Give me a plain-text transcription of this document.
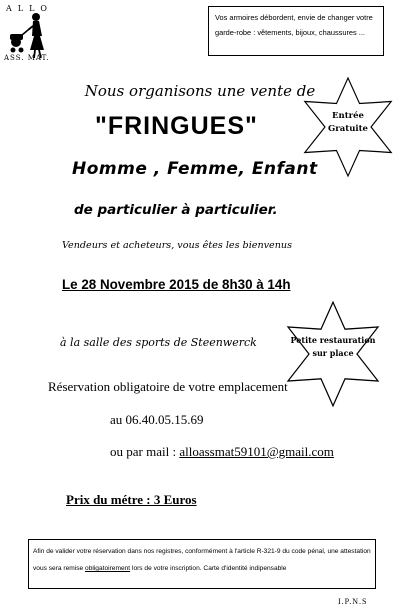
ALLO
ASS. MAT.
Vos armoires débordent, envie de changer votre garde-robe : vêtements, bijoux, chaussures ...
Entrée
Gratuite
Nous organisons une vente de
"FRINGUES"
Homme , Femme, Enfant
de particulier à particulier.
Vendeurs et acheteurs, vous êtes les bienvenus
Le 28 Novembre 2015 de 8h30 à 14h
à la salle des sports de Steenwerck	Petite restauration
sur place
Réservation obligatoire de votre emplacement
au 06.40.05.15.69
ou par mail : alloassmat59101@gmail.com
Prix du métre : 3 Euros
Afin de valider votre réservation dans nos registres, conformément à l'article R-321-9 du code pénal, une attestation vous sera remise obligatoirement lors de votre inscription. Carte d'identité indipensable
I.P.N.S
